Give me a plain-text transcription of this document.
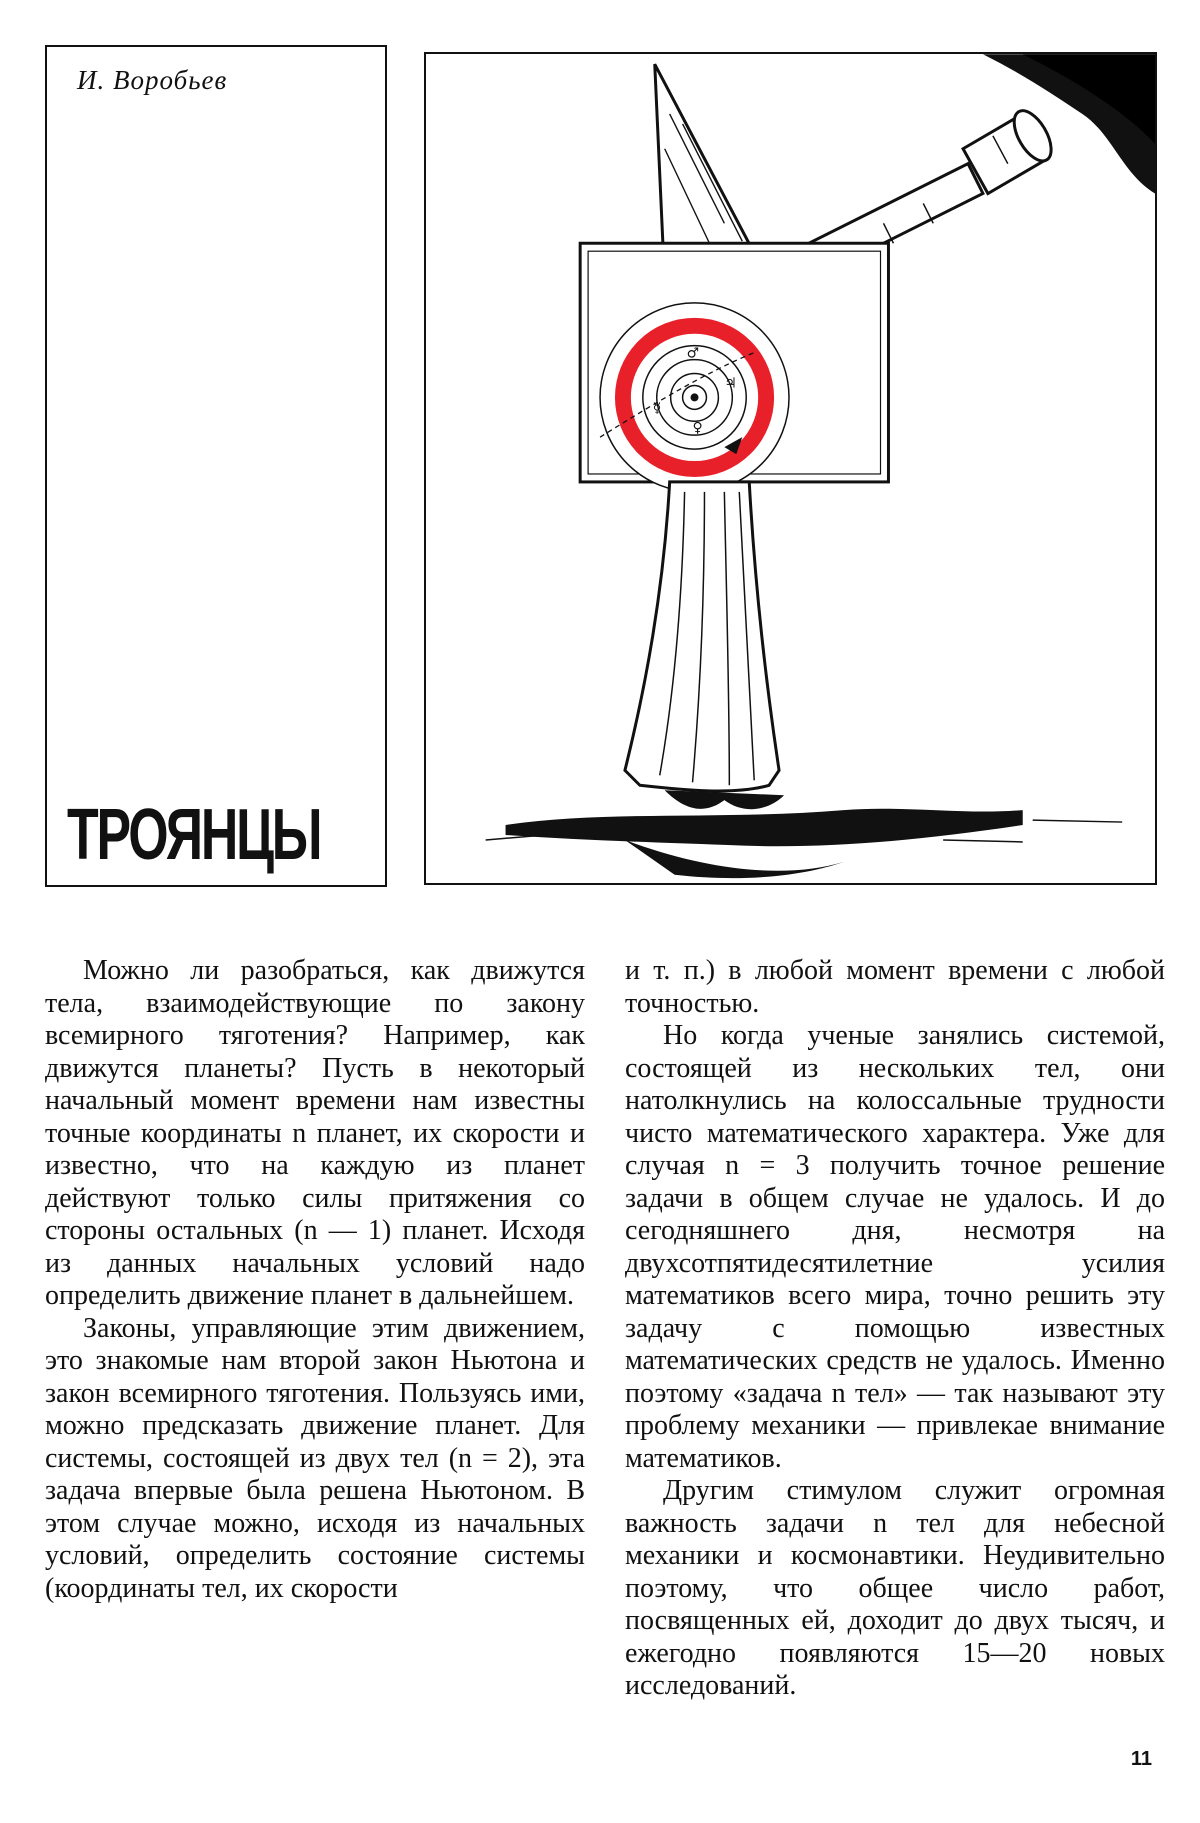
И. Воробьев

ТРОЯНЦЫ
♂
♃
♀
☿

Можно ли разобраться, как движутся тела, взаимодействующие по закону всемирного тяготения? Например, как движутся планеты? Пусть в некоторый начальный момент времени нам известны точные координаты n планет, их скорости и известно, что на каждую из планет действуют только силы притяжения со стороны остальных (n — 1) планет. Исходя из данных начальных условий надо определить движение планет в дальнейшем.

Законы, управляющие этим движением, это знакомые нам второй закон Ньютона и закон всемирного тяготения. Пользуясь ими, можно предсказать движение планет. Для системы, состоящей из двух тел (n = 2), эта задача впервые была решена Ньютоном. В этом случае можно, исходя из начальных условий, определить состояние системы (координаты тел, их скорости

и т. п.) в любой момент времени с любой точностью.

Но когда ученые занялись системой, состоящей из нескольких тел, они натолкнулись на колоссальные трудности чисто математического характера. Уже для случая n = 3 получить точное решение задачи в общем случае не удалось. И до сегодняшнего дня, несмотря на двухсотпятидесятилетние усилия математиков всего мира, точно решить эту задачу с помощью известных математических средств не удалось. Именно поэтому «задача n тел» — так называют эту проблему механики — привлекае внимание математиков.

Другим стимулом служит огромная важность задачи n тел для небесной механики и космонавтики. Неудивительно поэтому, что общее число работ, посвященных ей, доходит до двух тысяч, и ежегодно появляются 15—20 новых исследований.

11
